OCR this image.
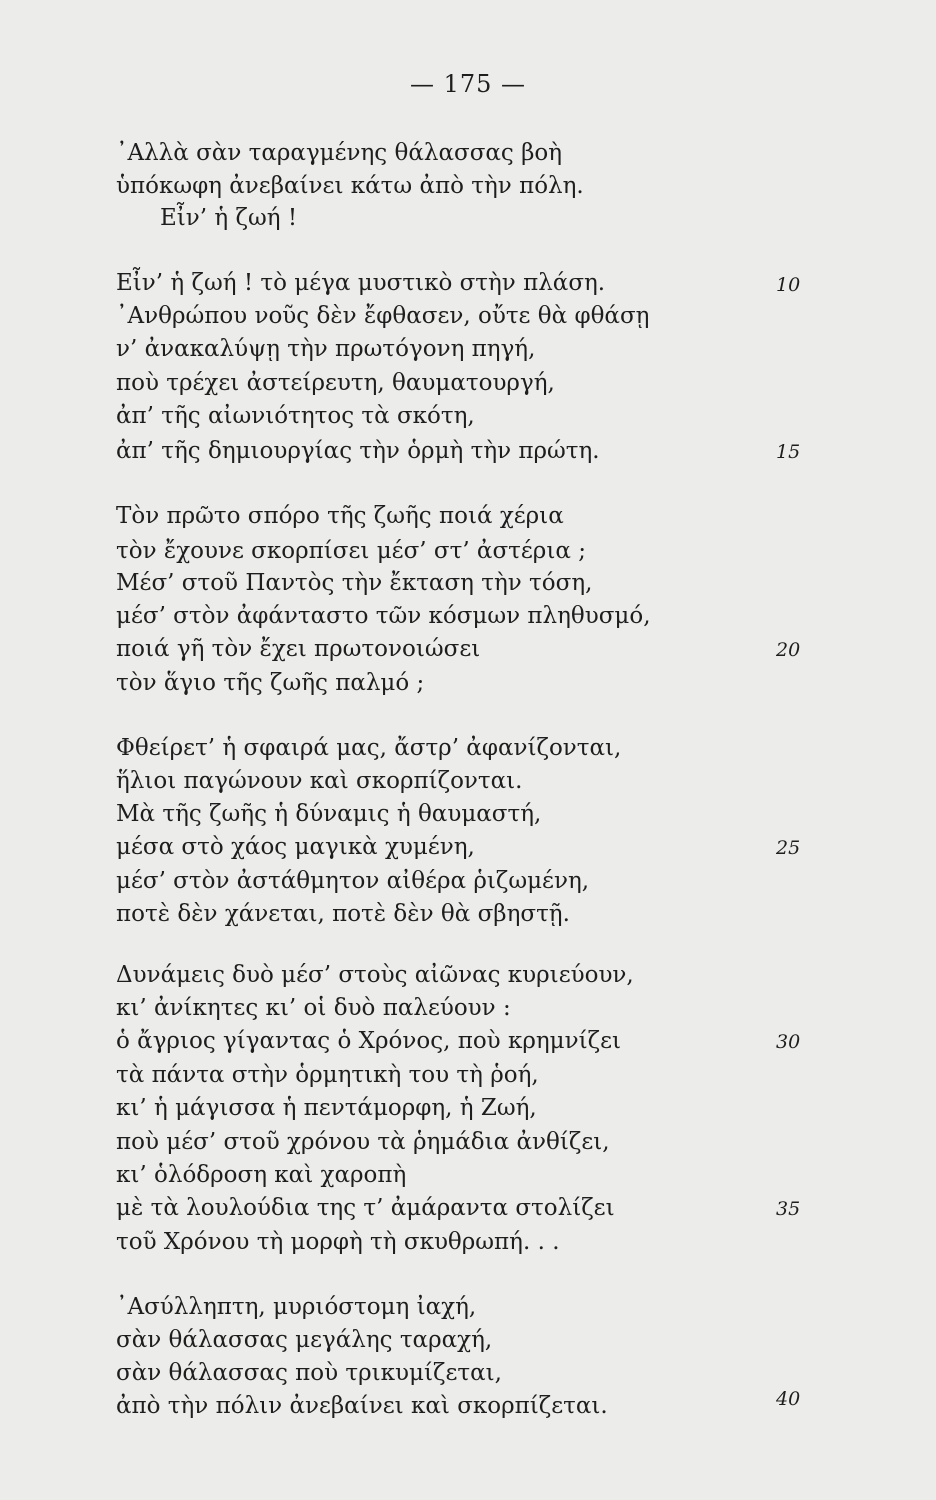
— 175 —
᾿Αλλὰ σὰν ταραγμένης θάλασσας βοὴ
ὑπόκωφη ἀνεβαίνει κάτω ἀπὸ τὴν πόλη.
Εἶν’ ἡ ζωή !
Εἶν’ ἡ ζωή ! τὸ μέγα μυστικὸ στὴν πλάση.
᾿Ανθρώπου νοῦς δὲν ἔφθασεν, οὔτε θὰ φθάσῃ
ν’ ἀνακαλύψῃ τὴν πρωτόγονη πηγή,
ποὺ τρέχει ἀστείρευτη, θαυματουργή,
ἀπ’ τῆς αἰωνιότητος τὰ σκότη,
ἀπ’ τῆς δημιουργίας τὴν ὁρμὴ τὴν πρώτη.
Τὸν πρῶτο σπόρο τῆς ζωῆς ποιά χέρια
τὸν ἔχουνε σκορπίσει μέσ’ στ’ ἀστέρια ;
Μέσ’ στοῦ Παντὸς τὴν ἔκταση τὴν τόση,
μέσ’ στὸν ἀφάνταστο τῶν κόσμων πληθυσμό,
ποιά γῆ τὸν ἔχει πρωτονοιώσει
τὸν ἅγιο τῆς ζωῆς παλμό ;
Φθείρετ’ ἡ σφαιρά μας, ἄστρ’ ἀφανίζονται,
ἥλιοι παγώνουν καὶ σκορπίζονται.
Μὰ τῆς ζωῆς ἡ δύναμις ἡ θαυμαστή,
μέσα στὸ χάος μαγικὰ χυμένη,
μέσ’ στὸν ἀστάθμητον αἰθέρα ῥιζωμένη,
ποτὲ δὲν χάνεται, ποτὲ δὲν θὰ σβηστῇ.
Δυνάμεις δυὸ μέσ’ στοὺς αἰῶνας κυριεύουν,
κι’ ἀνίκητες κι’ οἱ δυὸ παλεύουν :
ὁ ἄγριος γίγαντας ὁ Χρόνος, ποὺ κρημνίζει
τὰ πάντα στὴν ὁρμητικὴ του τὴ ῥοή,
κι’ ἡ μάγισσα ἡ πεντάμορφη, ἡ Ζωή,
ποὺ μέσ’ στοῦ χρόνου τὰ ῥημάδια ἀνθίζει,
κι’ ὁλόδροση καὶ χαροπὴ
μὲ τὰ λουλούδια της τ’ ἀμάραντα στολίζει
τοῦ Χρόνου τὴ μορφὴ τὴ σκυθρωπή. . .
᾿Ασύλληπτη, μυριόστομη ἰαχή,
σὰν θάλασσας μεγάλης ταραχή,
σὰν θάλασσας ποὺ τρικυμίζεται,
ἀπὸ τὴν πόλιν ἀνεβαίνει καὶ σκορπίζεται.
10
15
20
25
30
35
40
